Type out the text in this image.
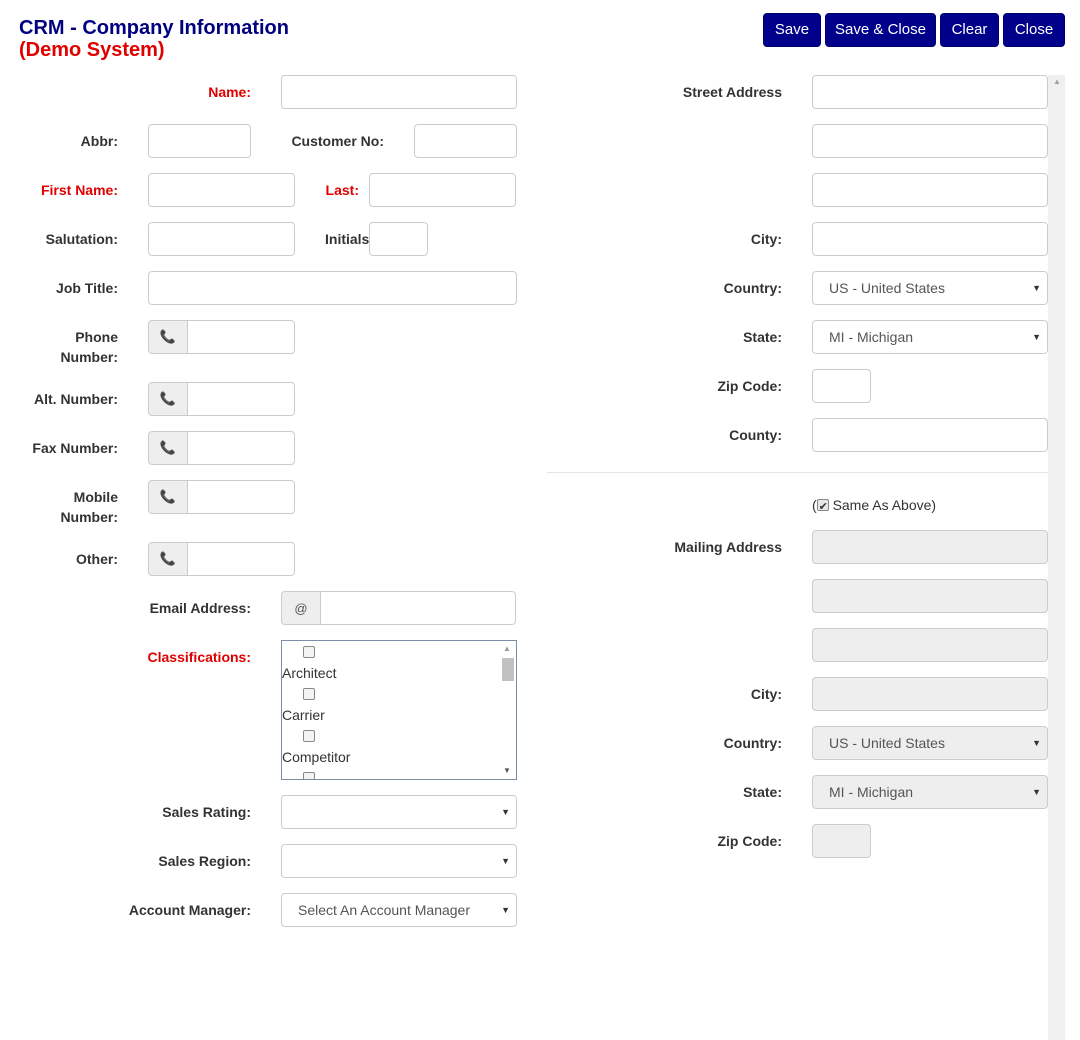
CRM - Company Information
(Demo System)
Save	Save & Close	Clear	Close
Name:
Abbr:	Customer No:
First Name:	Last:
Salutation:	Initials
Job Title:
Phone
Number:
📞
Alt. Number:	📞
Fax Number:	📞
Mobile
Number:
📞
Other:	📞
Email Address:	@
Classifications:
Architect
Carrier
Competitor
▲
▼
Sales Rating:	▼
Sales Region:	▼
Account Manager:	Select An Account Manager	▼
Street Address
City:
Country:	US - United States	▼
State:	MI - Michigan	▼
Zip Code:
County:
( ✔ Same As Above)
Mailing Address
City:
Country:	US - United States	▼
State:	MI - Michigan	▼
Zip Code:
▲
